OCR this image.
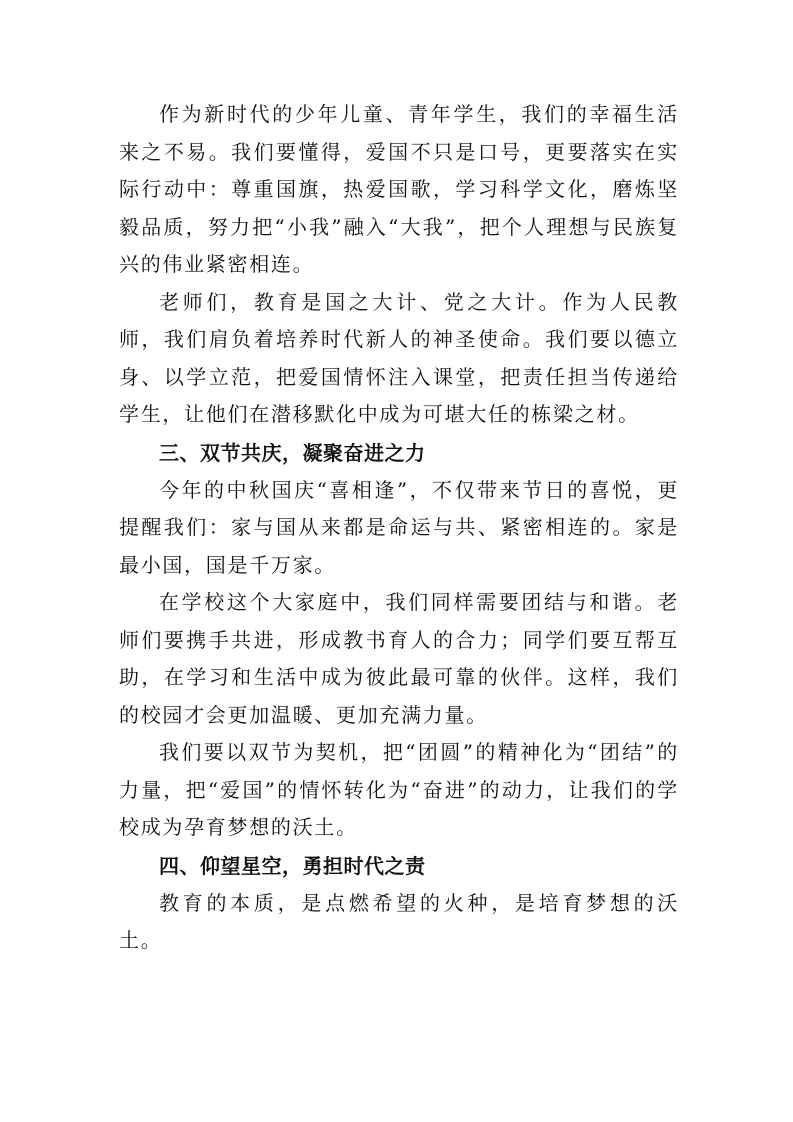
作为新时代的少年儿童、青年学生，我们的幸福生活来之不易。我们要懂得，爱国不只是口号，更要落实在实际行动中：尊重国旗，热爱国歌，学习科学文化，磨炼坚毅品质，努力把“小我”融入“大我”，把个人理想与民族复兴的伟业紧密相连。

老师们，教育是国之大计、党之大计。作为人民教师，我们肩负着培养时代新人的神圣使命。我们要以德立身、以学立范，把爱国情怀注入课堂，把责任担当传递给学生，让他们在潜移默化中成为可堪大任的栋梁之材。

三、双节共庆，凝聚奋进之力

今年的中秋国庆“喜相逢”，不仅带来节日的喜悦，更提醒我们：家与国从来都是命运与共、紧密相连的。家是最小国，国是千万家。

在学校这个大家庭中，我们同样需要团结与和谐。老师们要携手共进，形成教书育人的合力；同学们要互帮互助，在学习和生活中成为彼此最可靠的伙伴。这样，我们的校园才会更加温暖、更加充满力量。

我们要以双节为契机，把“团圆”的精神化为“团结”的力量，把“爱国”的情怀转化为“奋进”的动力，让我们的学校成为孕育梦想的沃土。

四、仰望星空，勇担时代之责

教育的本质，是点燃希望的火种，是培育梦想的沃土。
